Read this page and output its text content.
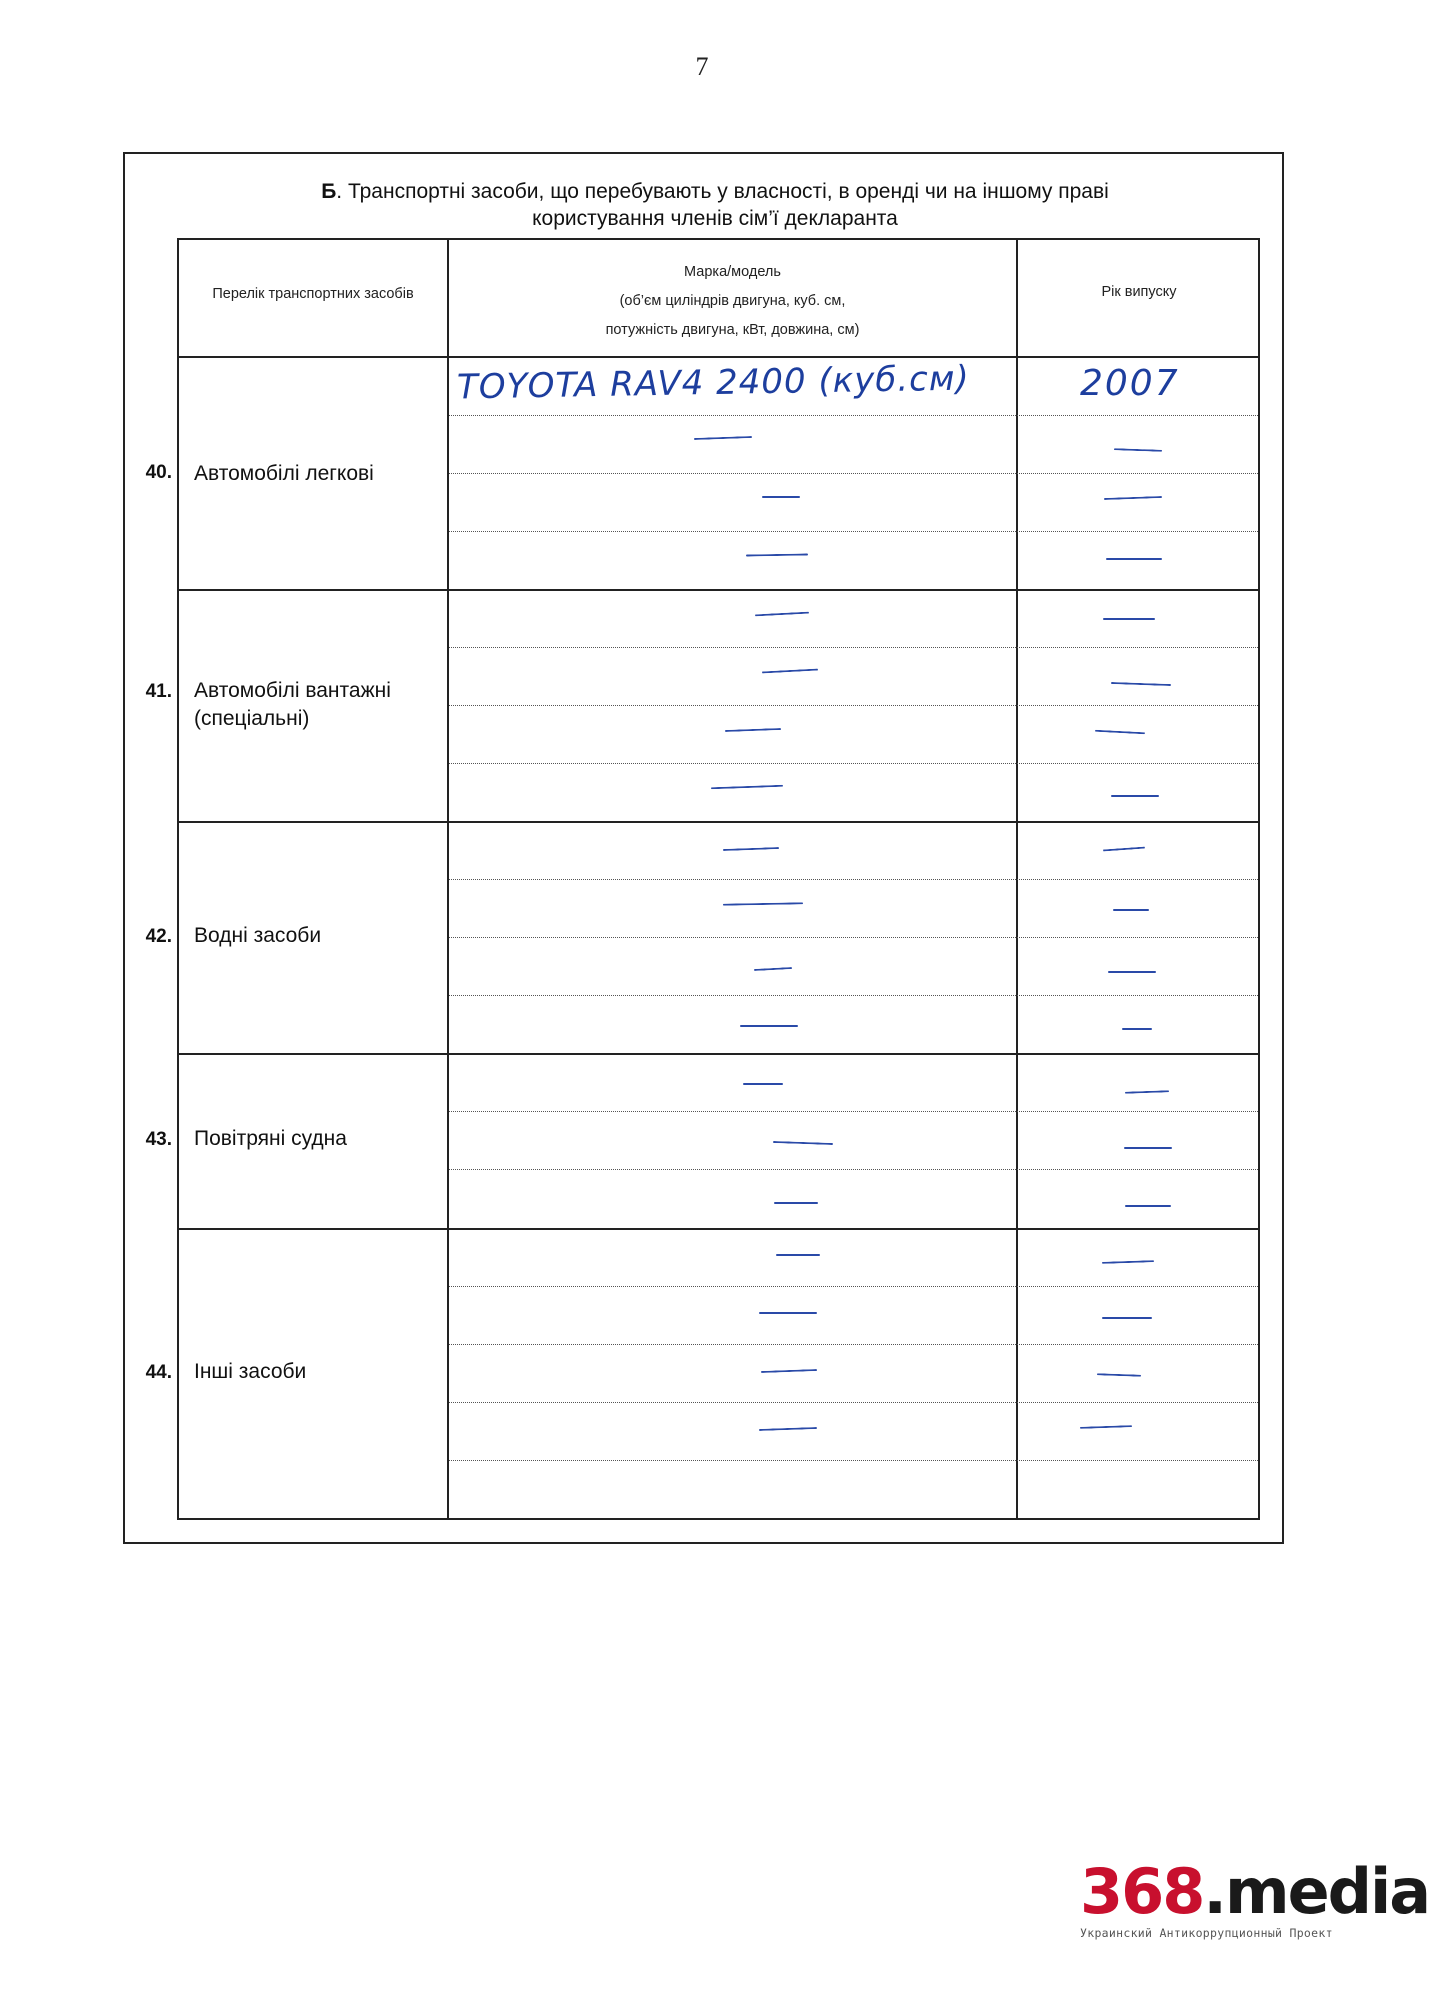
7
Б. Транспортні засоби, що перебувають у власності, в оренді чи на іншому праві
користування членів сім’ї декларанта
40. Автомобілі легкові
41. Автомобілі вантажні (спеціальні)
42. Водні засоби
43. Повітряні судна
44. Інші засоби
Перелік транспортних засобів
Марка/модель
(об’єм циліндрів двигуна, куб. см,
потужність двигуна, кВт, довжина, см)
Рік випуску
TOYOTA RAV4 2400 (куб.см)	2007
368.media
Украинский Антикоррупционный Проект
